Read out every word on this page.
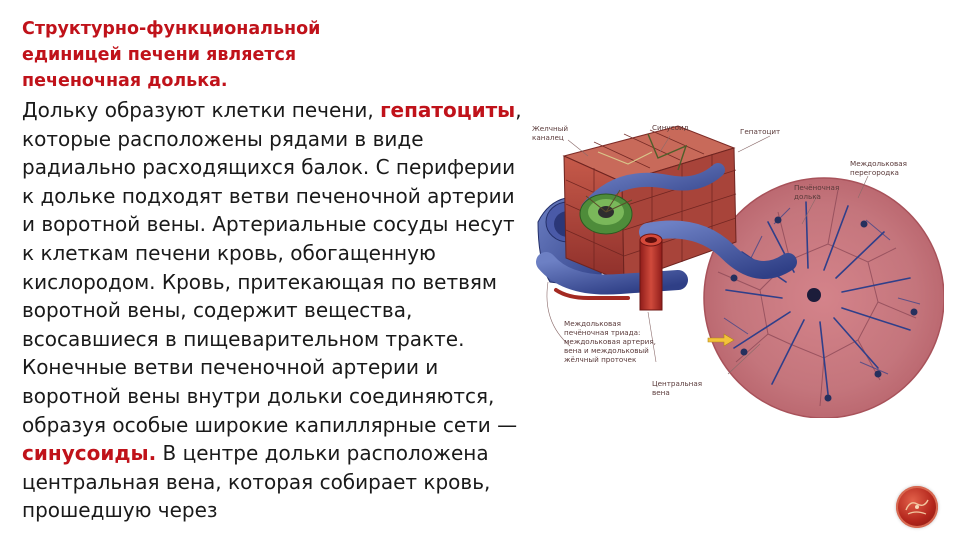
Структурно-функциональной
единицей печени является
печеночная долька.

Дольку образуют клетки печени, гепатоциты, которые расположены рядами в виде радиально расходящихся балок. С периферии к дольке подходят ветви печеночной артерии и воротной вены. Артериальные сосуды несут к клеткам печени кровь, обогащенную кислородом. Кровь, притекающая по ветвям воротной вены, содержит вещества, всосавшиеся в пищеварительном тракте. Конечные ветви печеночной артерии и воротной вены внутри дольки соединяются, образуя особые широкие капиллярные сети — синусоиды. В центре дольки расположена центральная вена, которая собирает кровь, прошедшую через

Желчный
каналец
Синусоид	Гепатоцит
Междольковая
перегородка
Печёночная
долька
Междольковая
печёночная триада:
междольковая артерия,
вена и междольковый
жёлчный проточек
Центральная
вена
